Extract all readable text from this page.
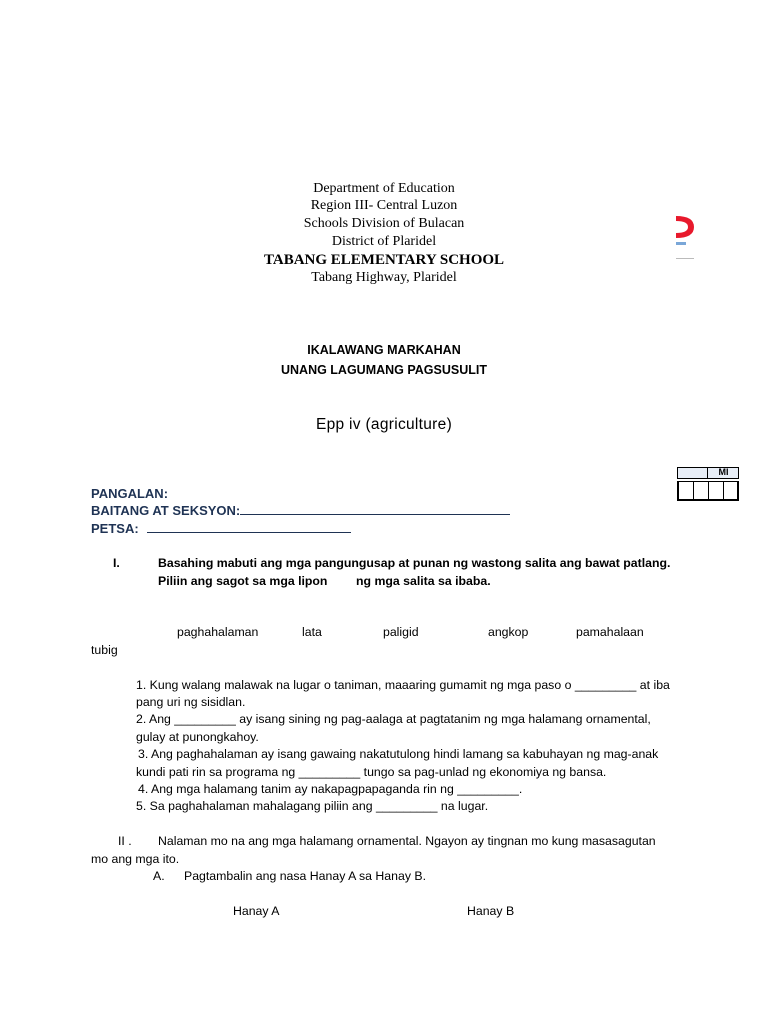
Department of Education
Region III- Central Luzon
Schools Division of Bulacan
District of Plaridel
TABANG ELEMENTARY SCHOOL
Tabang Highway, Plaridel
IKALAWANG MARKAHAN
UNANG LAGUMANG PAGSUSULIT
Epp iv (agriculture)
MI
PANGALAN:
BAITANG AT SEKSYON:
PETSA:
I.	Basahing mabuti ang mga pangungusap at punan ng wastong salita ang bawat patlang.
Piliin ang sagot sa mga lipon ng mga salita sa ibaba.
paghahalaman	lata	paligid	angkop	pamahalaan
tubig
1. Kung walang malawak na lugar o taniman, maaaring gumamit ng mga paso o _________ at iba
pang uri ng sisidlan.
2. Ang _________ ay isang sining ng pag-aalaga at pagtatanim ng mga halamang ornamental,
gulay at punongkahoy.
3. Ang paghahalaman ay isang gawaing nakatutulong hindi lamang sa kabuhayan ng mag-anak
kundi pati rin sa programa ng _________ tungo sa pag-unlad ng ekonomiya ng bansa.
4. Ang mga halamang tanim ay nakapagpapaganda rin ng _________.
5. Sa paghahalaman mahalagang piliin ang _________ na lugar.
II . Nalaman mo na ang mga halamang ornamental. Ngayon ay tingnan mo kung masasagutan
mo ang mga ito.
A. Pagtambalin ang nasa Hanay A sa Hanay B.
Hanay A	Hanay B
